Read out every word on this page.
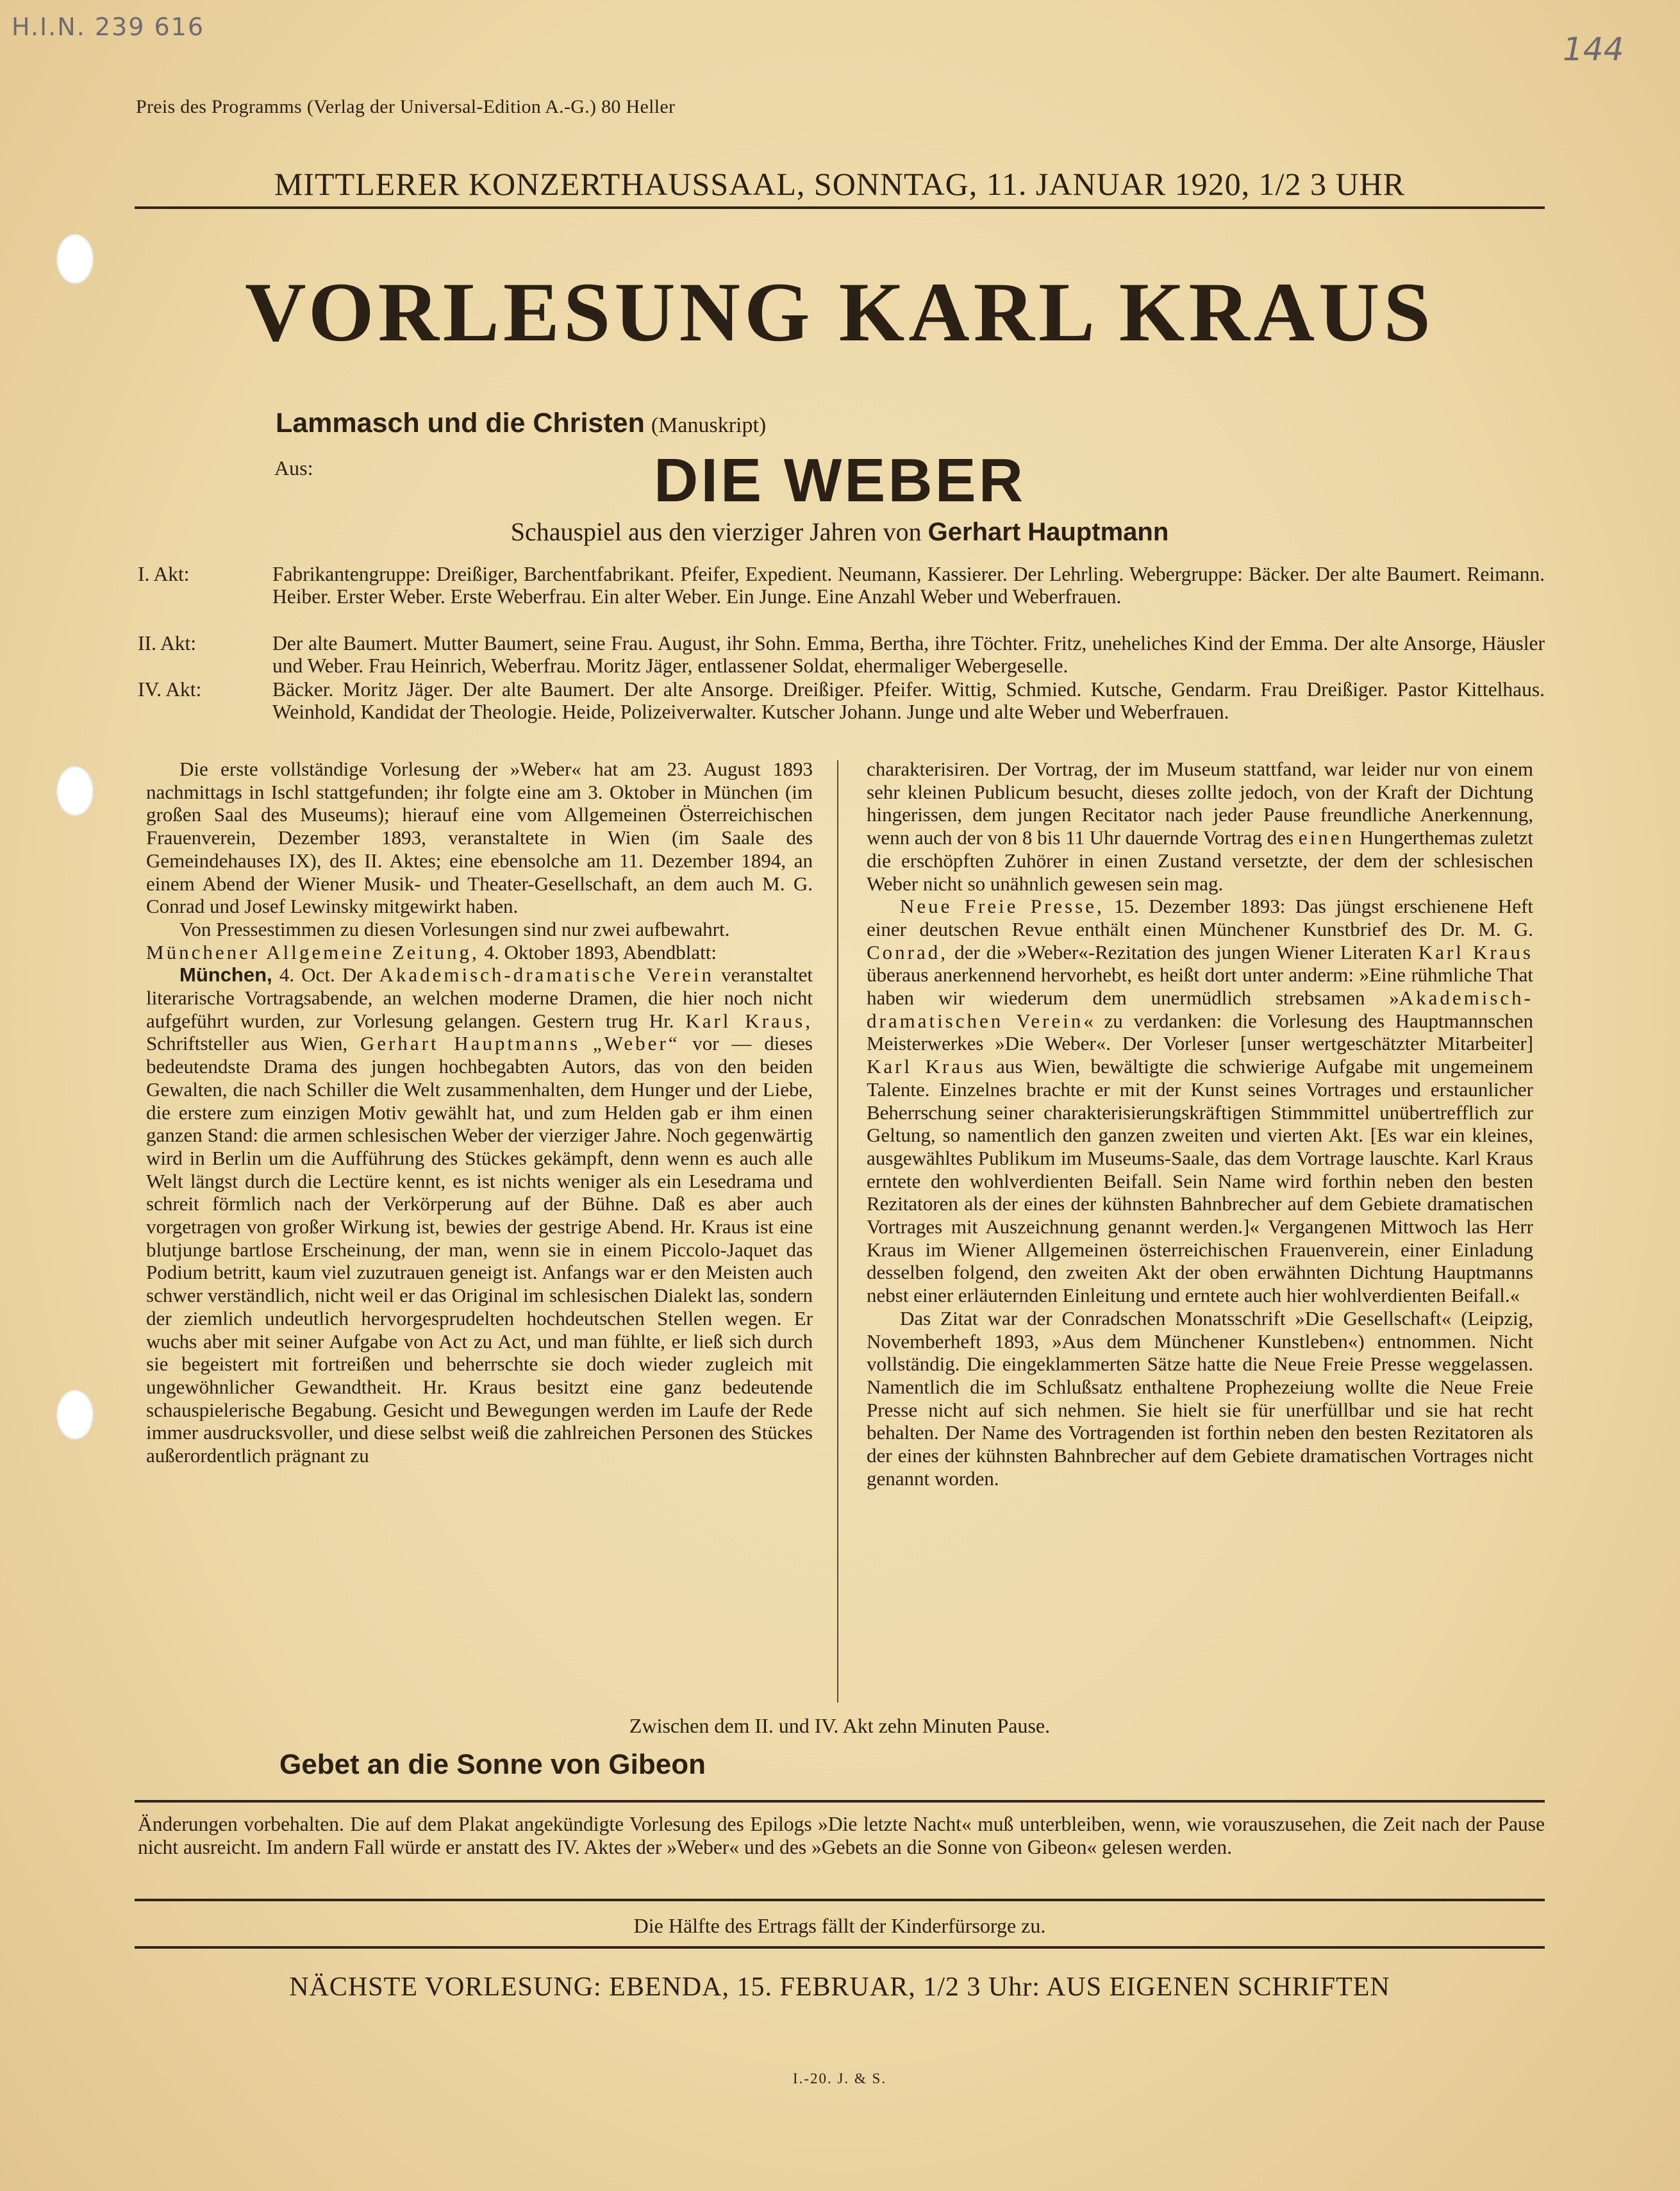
H.I.N. 239 616
144
Preis des Programms (Verlag der Universal-Edition A.-G.) 80 Heller
MITTLERER KONZERTHAUSSAAL, SONNTAG, 11. JANUAR 1920, 1/2 3 UHR
VORLESUNG KARL KRAUS
Lammasch und die Christen (Manuskript)
Aus:	DIE WEBER
Schauspiel aus den vierziger Jahren von Gerhart Hauptmann
I. Akt:	Fabrikantengruppe: Dreißiger, Barchentfabrikant. Pfeifer, Expedient. Neumann, Kassierer. Der Lehrling. Webergruppe: Bäcker. Der alte Baumert. Reimann. Heiber. Erster Weber. Erste Weberfrau. Ein alter Weber. Ein Junge. Eine Anzahl Weber und Weberfrauen.
II. Akt:	Der alte Baumert. Mutter Baumert, seine Frau. August, ihr Sohn. Emma, Bertha, ihre Töchter. Fritz, uneheliches Kind der Emma. Der alte Ansorge, Häusler und Weber. Frau Heinrich, Weberfrau. Moritz Jäger, entlassener Soldat, ehermaliger Webergeselle.
IV. Akt:	Bäcker. Moritz Jäger. Der alte Baumert. Der alte Ansorge. Dreißiger. Pfeifer. Wittig, Schmied. Kutsche, Gendarm. Frau Dreißiger. Pastor Kittelhaus. Weinhold, Kandidat der Theologie. Heide, Polizeiverwalter. Kutscher Johann. Junge und alte Weber und Weberfrauen.

Die erste vollständige Vorlesung der »Weber« hat am 23. August 1893 nachmittags in Ischl stattgefunden; ihr folgte eine am 3. Oktober in München (im großen Saal des Museums); hierauf eine vom Allgemeinen Österreichischen Frauenverein, Dezember 1893, veranstaltete in Wien (im Saale des Gemeindehauses IX), des II. Aktes; eine ebensolche am 11. Dezember 1894, an einem Abend der Wiener Musik- und Theater-Gesellschaft, an dem auch M. G. Conrad und Josef Lewinsky mitgewirkt haben.

Von Pressestimmen zu diesen Vorlesungen sind nur zwei aufbewahrt.

Münchener Allgemeine Zeitung, 4. Oktober 1893, Abendblatt:

München, 4. Oct. Der Akademisch-dramatische Verein veranstaltet literarische Vortragsabende, an welchen moderne Dramen, die hier noch nicht aufgeführt wurden, zur Vorlesung gelangen. Gestern trug Hr. Karl Kraus, Schriftsteller aus Wien, Gerhart Hauptmanns „Weber“ vor — dieses bedeutendste Drama des jungen hochbegabten Autors, das von den beiden Gewalten, die nach Schiller die Welt zusammenhalten, dem Hunger und der Liebe, die erstere zum einzigen Motiv gewählt hat, und zum Helden gab er ihm einen ganzen Stand: die armen schlesischen Weber der vierziger Jahre. Noch gegenwärtig wird in Berlin um die Aufführung des Stückes gekämpft, denn wenn es auch alle Welt längst durch die Lectüre kennt, es ist nichts weniger als ein Lesedrama und schreit förmlich nach der Verkörperung auf der Bühne. Daß es aber auch vorgetragen von großer Wirkung ist, bewies der gestrige Abend. Hr. Kraus ist eine blutjunge bartlose Erscheinung, der man, wenn sie in einem Piccolo-Jaquet das Podium betritt, kaum viel zuzutrauen geneigt ist. Anfangs war er den Meisten auch schwer verständlich, nicht weil er das Original im schlesischen Dialekt las, sondern der ziemlich undeutlich hervorgesprudelten hochdeutschen Stellen wegen. Er wuchs aber mit seiner Aufgabe von Act zu Act, und man fühlte, er ließ sich durch sie begeistert mit fortreißen und beherrschte sie doch wieder zugleich mit ungewöhnlicher Gewandtheit. Hr. Kraus besitzt eine ganz bedeutende schauspielerische Begabung. Gesicht und Bewegungen werden im Laufe der Rede immer ausdrucksvoller, und diese selbst weiß die zahlreichen Personen des Stückes außerordentlich prägnant zu

charakterisiren. Der Vortrag, der im Museum stattfand, war leider nur von einem sehr kleinen Publicum besucht, dieses zollte jedoch, von der Kraft der Dichtung hingerissen, dem jungen Recitator nach jeder Pause freundliche Anerkennung, wenn auch der von 8 bis 11 Uhr dauernde Vortrag des einen Hungerthemas zuletzt die erschöpften Zuhörer in einen Zustand versetzte, der dem der schlesischen Weber nicht so unähnlich gewesen sein mag.

Neue Freie Presse, 15. Dezember 1893: Das jüngst erschienene Heft einer deutschen Revue enthält einen Münchener Kunstbrief des Dr. M. G. Conrad, der die »Weber«-Rezitation des jungen Wiener Literaten Karl Kraus überaus anerkennend hervorhebt, es heißt dort unter anderm: »Eine rühmliche That haben wir wiederum dem unermüdlich strebsamen »Akademisch-dramatischen Verein« zu verdanken: die Vorlesung des Hauptmannschen Meisterwerkes »Die Weber«. Der Vorleser [unser wertgeschätzter Mitarbeiter] Karl Kraus aus Wien, bewältigte die schwierige Aufgabe mit ungemeinem Talente. Einzelnes brachte er mit der Kunst seines Vortrages und erstaunlicher Beherrschung seiner charakterisierungskräftigen Stimmmittel unübertrefflich zur Geltung, so namentlich den ganzen zweiten und vierten Akt. [Es war ein kleines, ausgewähltes Publikum im Museums-Saale, das dem Vortrage lauschte. Karl Kraus erntete den wohlverdienten Beifall. Sein Name wird forthin neben den besten Rezitatoren als der eines der kühnsten Bahnbrecher auf dem Gebiete dramatischen Vortrages mit Auszeichnung genannt werden.]« Vergangenen Mittwoch las Herr Kraus im Wiener Allgemeinen österreichischen Frauenverein, einer Einladung desselben folgend, den zweiten Akt der oben erwähnten Dichtung Hauptmanns nebst einer erläuternden Einleitung und erntete auch hier wohlverdienten Beifall.«

Das Zitat war der Conradschen Monatsschrift »Die Gesellschaft« (Leipzig, Novemberheft 1893, »Aus dem Münchener Kunstleben«) entnommen. Nicht vollständig. Die eingeklammerten Sätze hatte die Neue Freie Presse weggelassen. Namentlich die im Schlußsatz enthaltene Prophezeiung wollte die Neue Freie Presse nicht auf sich nehmen. Sie hielt sie für unerfüllbar und sie hat recht behalten. Der Name des Vortragenden ist forthin neben den besten Rezitatoren als der eines der kühnsten Bahnbrecher auf dem Gebiete dramatischen Vortrages nicht genannt worden.

Zwischen dem II. und IV. Akt zehn Minuten Pause.
Gebet an die Sonne von Gibeon
Änderungen vorbehalten. Die auf dem Plakat angekündigte Vorlesung des Epilogs »Die letzte Nacht« muß unterbleiben, wenn, wie vorauszusehen, die Zeit nach der Pause nicht ausreicht. Im andern Fall würde er anstatt des IV. Aktes der »Weber« und des »Gebets an die Sonne von Gibeon« gelesen werden.
Die Hälfte des Ertrags fällt der Kinderfürsorge zu.
NÄCHSTE VORLESUNG: EBENDA, 15. FEBRUAR, 1/2 3 Uhr: AUS EIGENEN SCHRIFTEN
I.-20. J. & S.
